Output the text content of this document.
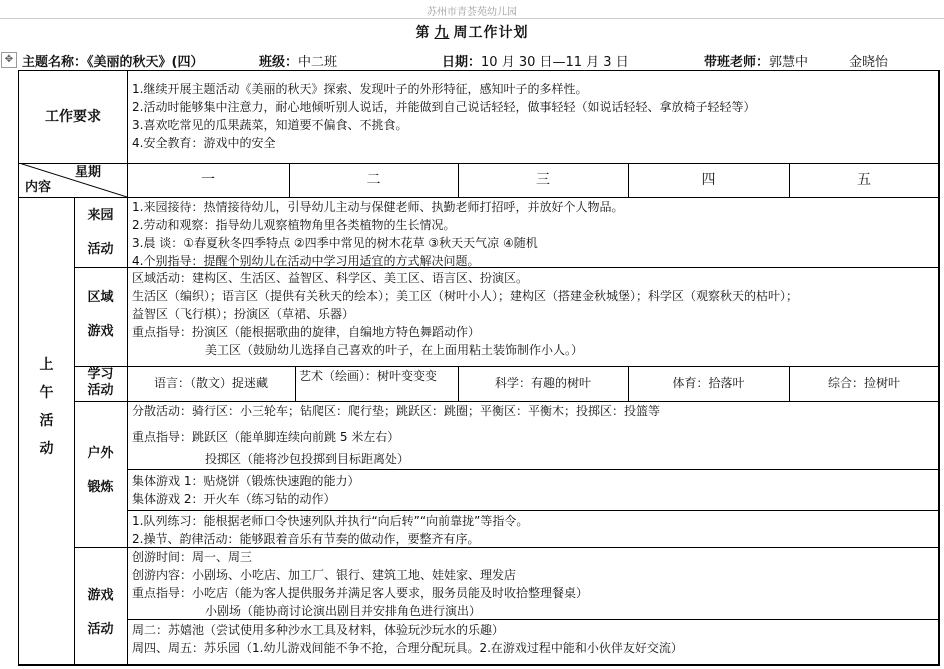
苏州市青荟苑幼儿园
第 九 周工作计划
✥ 主题名称：《美丽的秋天》(四）	班级：中二班	日期：10 月 30 日—11 月 3 日	带班老师：郭慧中	金晓怡
工作要求
1.继续开展主题活动《美丽的秋天》探索、发现叶子的外形特征，感知叶子的多样性。
2.活动时能够集中注意力，耐心地倾听别人说话，并能做到自己说话轻轻，做事轻轻（如说话轻轻、拿放椅子轻轻等）
3.喜欢吃常见的瓜果蔬菜，知道要不偏食、不挑食。
4.安全教育：游戏中的安全
星期
内容	一	二	三	四	五
上
午
活
动
来园
活动
1.来园接待：热情接待幼儿，引导幼儿主动与保健老师、执勤老师打招呼，并放好个人物品。
2.劳动和观察：指导幼儿观察植物角里各类植物的生长情况。
3.晨 谈：①春夏秋冬四季特点 ②四季中常见的树木花草 ③秋天天气凉 ④随机
4.个别指导：提醒个别幼儿在活动中学习用适宜的方式解决问题。
区域
游戏
区域活动：建构区、生活区、益智区、科学区、美工区、语言区、扮演区。
生活区（编织）；语言区（提供有关秋天的绘本）；美工区（树叶小人）；建构区（搭建金秋城堡）；科学区（观察秋天的枯叶）；
益智区（飞行棋）；扮演区（草裙、乐器）
重点指导：扮演区（能根据歌曲的旋律，自编地方特色舞蹈动作）
美工区（鼓励幼儿选择自己喜欢的叶子，在上面用粘土装饰制作小人。）
学习
活动	语言：（散文）捉迷藏	艺术（绘画）：树叶变变变	科学：有趣的树叶	体育：拾落叶	综合：捡树叶
户外
锻炼
分散活动：骑行区：小三轮车；钻爬区：爬行垫；跳跃区：跳圈；平衡区：平衡木；投掷区：投篮等
重点指导：跳跃区（能单脚连续向前跳 5 米左右）
投掷区（能将沙包投掷到目标距离处）
集体游戏 1：贴烧饼（锻炼快速跑的能力）
集体游戏 2：开火车（练习钻的动作）
1.队列练习：能根据老师口令快速列队并执行“向后转”“向前靠拢”等指令。
2.操节、韵律活动：能够跟着音乐有节奏的做动作，要整齐有序。
游戏
活动
创游时间：周一、周三
创游内容：小剧场、小吃店、加工厂、银行、建筑工地、娃娃家、理发店
重点指导：小吃店（能为客人提供服务并满足客人要求，服务员能及时收拾整理餐桌）
小剧场（能协商讨论演出剧目并安排角色进行演出）
周二：苏嬉池（尝试使用多种沙水工具及材料，体验玩沙玩水的乐趣）
周四、周五：苏乐园（1.幼儿游戏间能不争不抢，合理分配玩具。2.在游戏过程中能和小伙伴友好交流）
